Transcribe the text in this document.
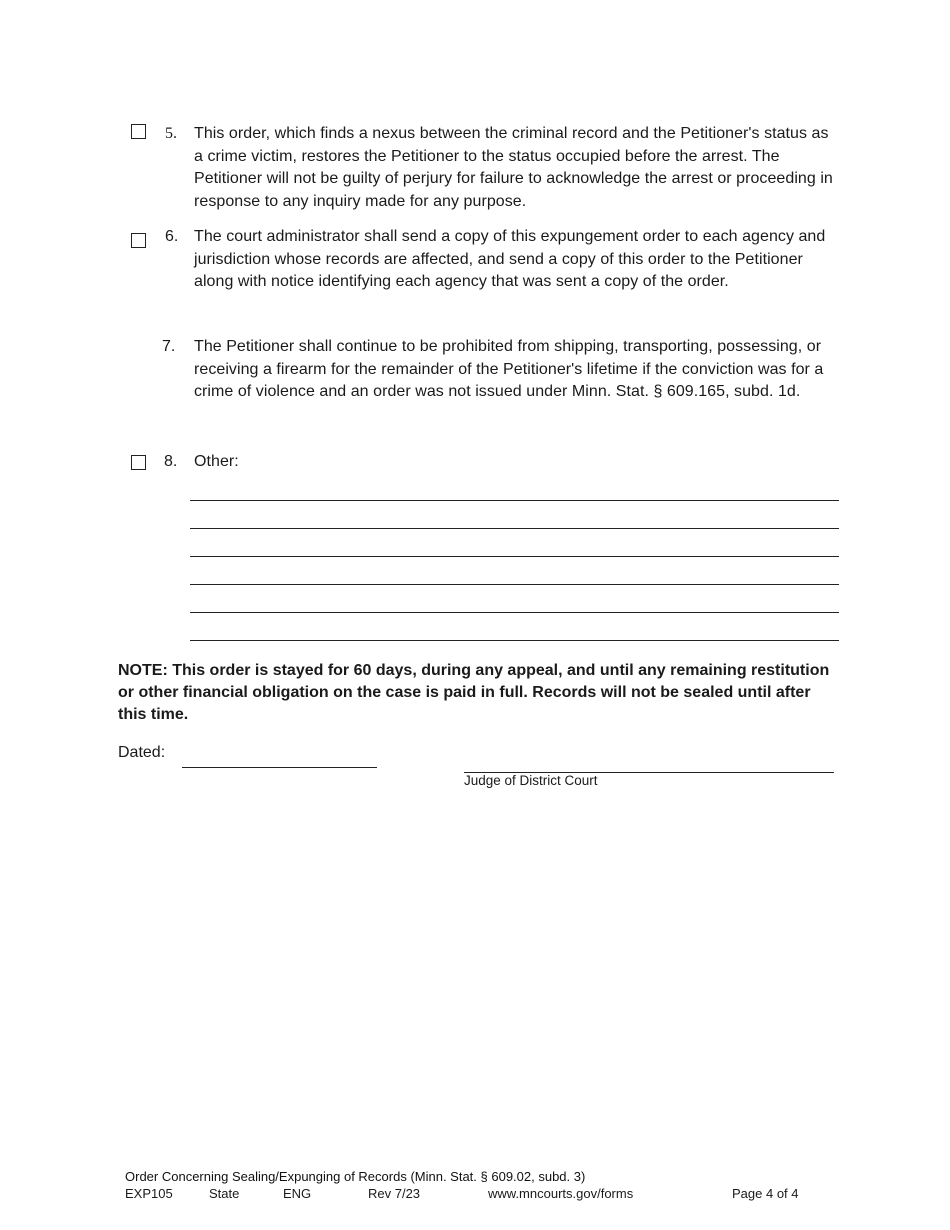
5. This order, which finds a nexus between the criminal record and the Petitioner's status as a crime victim, restores the Petitioner to the status occupied before the arrest. The Petitioner will not be guilty of perjury for failure to acknowledge the arrest or proceeding in response to any inquiry made for any purpose.
6. The court administrator shall send a copy of this expungement order to each agency and jurisdiction whose records are affected, and send a copy of this order to the Petitioner along with notice identifying each agency that was sent a copy of the order.
7. The Petitioner shall continue to be prohibited from shipping, transporting, possessing, or receiving a firearm for the remainder of the Petitioner's lifetime if the conviction was for a crime of violence and an order was not issued under Minn. Stat. § 609.165, subd. 1d.
8. Other:
NOTE: This order is stayed for 60 days, during any appeal, and until any remaining restitution or other financial obligation on the case is paid in full. Records will not be sealed until after this time.
Dated:
Judge of District Court
Order Concerning Sealing/Expunging of Records (Minn. Stat. § 609.02, subd. 3)
EXP105	State	ENG	Rev 7/23	www.mncourts.gov/forms	Page 4 of 4
